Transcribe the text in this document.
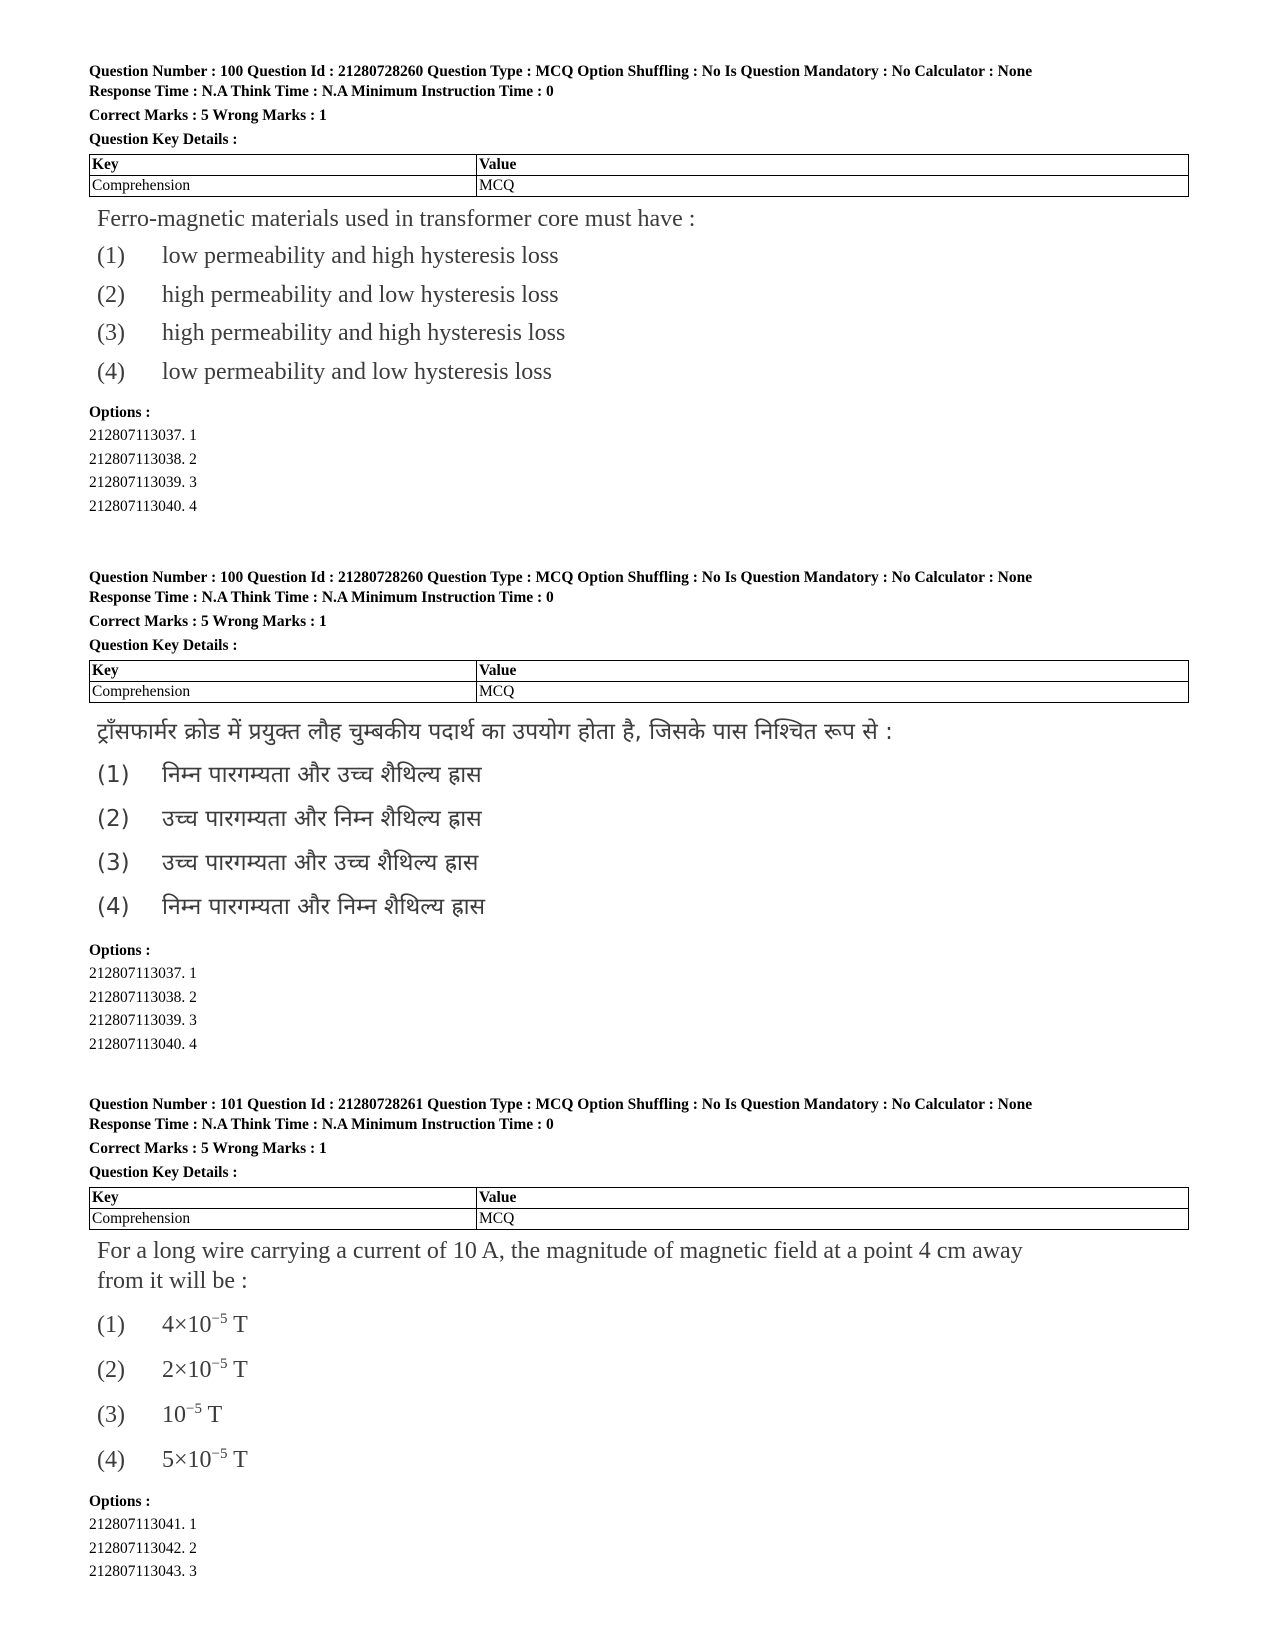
Question Number : 100 Question Id : 21280728260 Question Type : MCQ Option Shuffling : No Is Question Mandatory : No Calculator : None

Response Time : N.A Think Time : N.A Minimum Instruction Time : 0

Correct Marks : 5 Wrong Marks : 1

Question Key Details :

Key	Value
Comprehension	MCQ
Ferro-magnetic materials used in transformer core must have :
(1)	low permeability and high hysteresis loss
(2)	high permeability and low hysteresis loss
(3)	high permeability and high hysteresis loss
(4)	low permeability and low hysteresis loss
Options :
212807113037. 1
212807113038. 2
212807113039. 3
212807113040. 4

Question Number : 100 Question Id : 21280728260 Question Type : MCQ Option Shuffling : No Is Question Mandatory : No Calculator : None

Response Time : N.A Think Time : N.A Minimum Instruction Time : 0

Correct Marks : 5 Wrong Marks : 1

Question Key Details :

Key	Value
Comprehension	MCQ
ट्राँसफार्मर क्रोड में प्रयुक्त लौह चुम्बकीय पदार्थ का उपयोग होता है, जिसके पास निश्चित रूप से :
(1)	निम्न पारगम्यता और उच्च शैथिल्य ह्रास
(2)	उच्च पारगम्यता और निम्न शैथिल्य ह्रास
(3)	उच्च पारगम्यता और उच्च शैथिल्य ह्रास
(4)	निम्न पारगम्यता और निम्न शैथिल्य ह्रास
Options :
212807113037. 1
212807113038. 2
212807113039. 3
212807113040. 4

Question Number : 101 Question Id : 21280728261 Question Type : MCQ Option Shuffling : No Is Question Mandatory : No Calculator : None

Response Time : N.A Think Time : N.A Minimum Instruction Time : 0

Correct Marks : 5 Wrong Marks : 1

Question Key Details :

Key	Value
Comprehension	MCQ
For a long wire carrying a current of 10 A, the magnitude of magnetic field at a point 4 cm away
from it will be :
(1)	$4\times 10^{-5}$ T
(2)	$2\times 10^{-5}$ T
(3)	$10^{-5}$ T
(4)	$5\times 10^{-5}$ T
Options :
212807113041. 1
212807113042. 2
212807113043. 3
